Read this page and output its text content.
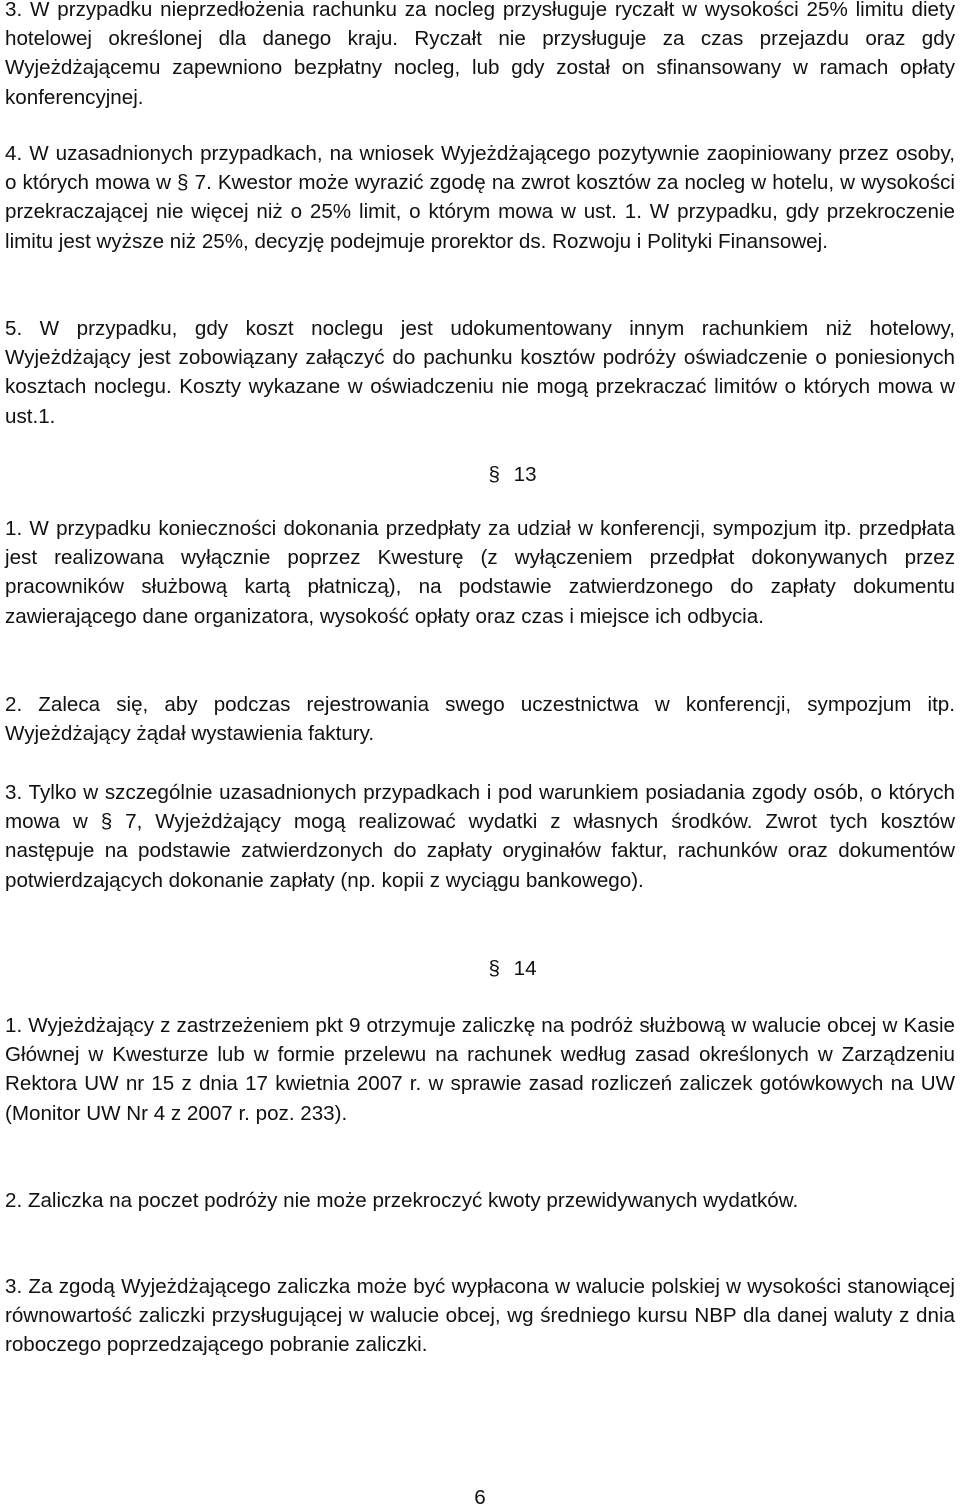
3. W przypadku nieprzedłożenia rachunku za nocleg przysługuje ryczałt w wysokości 25% limitu diety hotelowej określonej dla danego kraju. Ryczałt nie przysługuje za czas przejazdu oraz gdy Wyjeżdżającemu zapewniono bezpłatny nocleg, lub gdy został on sfinansowany w ramach opłaty konferencyjnej.

4. W uzasadnionych przypadkach, na wniosek Wyjeżdżającego pozytywnie zaopiniowany przez osoby, o których mowa w § 7. Kwestor może wyrazić zgodę na zwrot kosztów za nocleg w hotelu, w wysokości przekraczającej nie więcej niż o 25% limit, o którym mowa w ust. 1. W przypadku, gdy przekroczenie limitu jest wyższe niż 25%, decyzję podejmuje prorektor ds. Rozwoju i Polityki Finansowej.

5. W przypadku, gdy koszt noclegu jest udokumentowany innym rachunkiem niż hotelowy, Wyjeżdżający jest zobowiązany załączyć do pachunku kosztów podróży oświadczenie o poniesionych kosztach noclegu. Koszty wykazane w oświadczeniu nie mogą przekraczać limitów o których mowa w ust.1.

§ 13

1. W przypadku konieczności dokonania przedpłaty za udział w konferencji, sympozjum itp. przedpłata jest realizowana wyłącznie poprzez Kwesturę (z wyłączeniem przedpłat dokonywanych przez pracowników służbową kartą płatniczą), na podstawie zatwierdzonego do zapłaty dokumentu zawierającego dane organizatora, wysokość opłaty oraz czas i miejsce ich odbycia.

2. Zaleca się, aby podczas rejestrowania swego uczestnictwa w konferencji, sympozjum itp. Wyjeżdżający żądał wystawienia faktury.

3. Tylko w szczególnie uzasadnionych przypadkach i pod warunkiem posiadania zgody osób, o których mowa w § 7, Wyjeżdżający mogą realizować wydatki z własnych środków. Zwrot tych kosztów następuje na podstawie zatwierdzonych do zapłaty oryginałów faktur, rachunków oraz dokumentów potwierdzających dokonanie zapłaty (np. kopii z wyciągu bankowego).

§ 14

1. Wyjeżdżający z zastrzeżeniem pkt 9 otrzymuje zaliczkę na podróż służbową w walucie obcej w Kasie Głównej w Kwesturze lub w formie przelewu na rachunek według zasad określonych w Zarządzeniu Rektora UW nr 15 z dnia 17 kwietnia 2007 r. w sprawie zasad rozliczeń zaliczek gotówkowych na UW (Monitor UW Nr 4 z 2007 r. poz. 233).

2. Zaliczka na poczet podróży nie może przekroczyć kwoty przewidywanych wydatków.

3. Za zgodą Wyjeżdżającego zaliczka może być wypłacona w walucie polskiej w wysokości stanowiącej równowartość zaliczki przysługującej w walucie obcej, wg średniego kursu NBP dla danej waluty z dnia roboczego poprzedzającego pobranie zaliczki.

6
